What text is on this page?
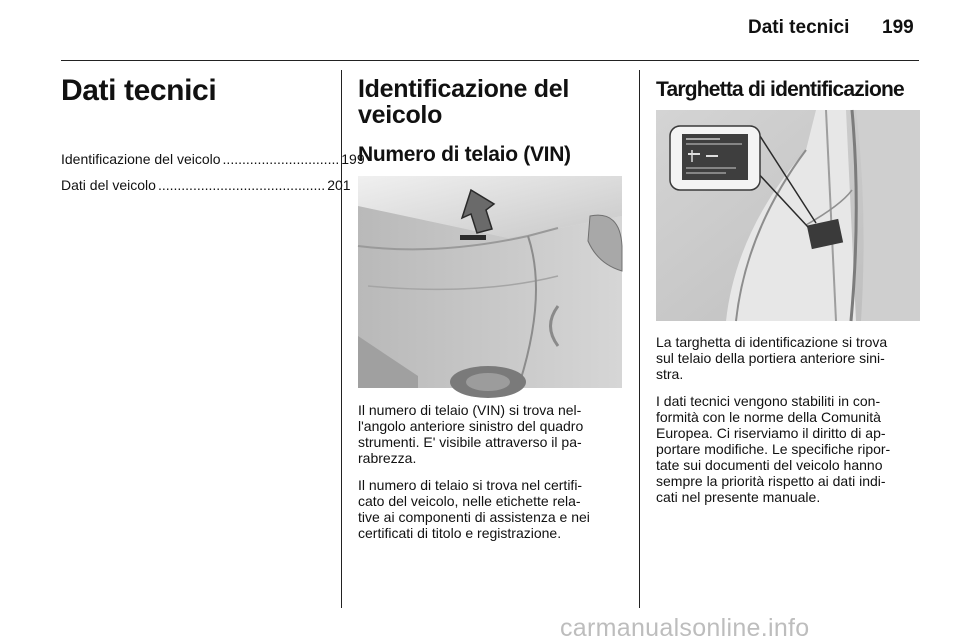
Dati tecnici 199
Dati tecnici
Identificazione del veicolo .............................. 199
Dati del veicolo ........................................... 201
Identificazione del
veicolo
Numero di telaio (VIN)
Il numero di telaio (VIN) si trova nel-
l'angolo anteriore sinistro del quadro
strumenti. E' visibile attraverso il pa-
rabrezza.
Il numero di telaio si trova nel certifi-
cato del veicolo, nelle etichette rela-
tive ai componenti di assistenza e nei
certificati di titolo e registrazione.
Targhetta di identificazione
La targhetta di identificazione si trova
sul telaio della portiera anteriore sini-
stra.
I dati tecnici vengono stabiliti in con-
formità con le norme della Comunità
Europea. Ci riserviamo il diritto di ap-
portare modifiche. Le specifiche ripor-
tate sui documenti del veicolo hanno
sempre la priorità rispetto ai dati indi-
cati nel presente manuale.
carmanualsonline.info
